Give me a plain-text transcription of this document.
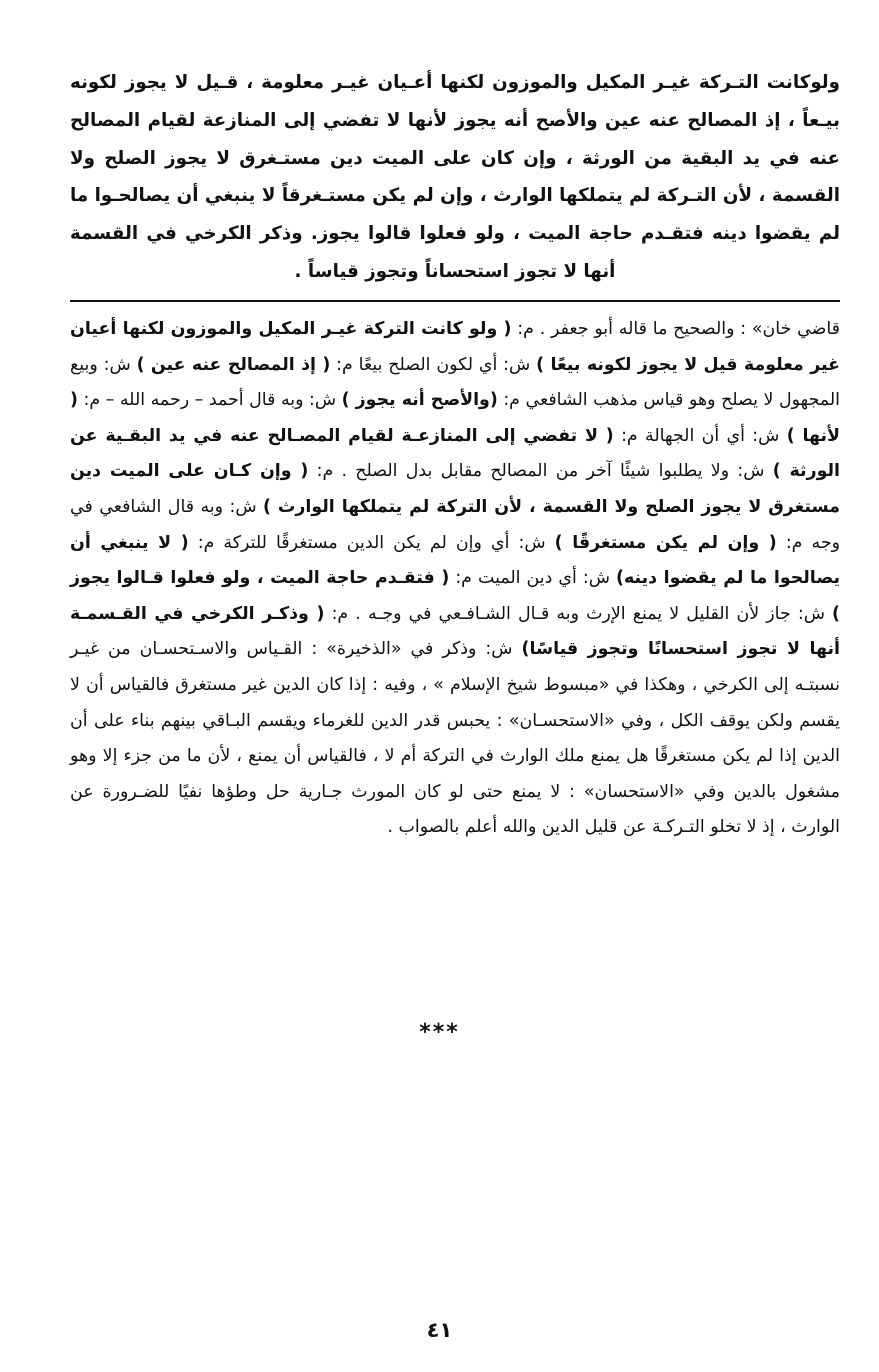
ولوكانت التـركة غيـر المكيل والموزون لكنها أعـيان غيـر معلومة ، قـيل لا يجوز لكونه بيـعاً ، إذ المصالح عنه عين والأصح أنه يجوز لأنها لا تفضي إلى المنازعة لقيام المصالح عنه في يد البقية من الورثة ، وإن كان على الميت دين مستـغرق لا يجوز الصلح ولا القسمة ، لأن التـركة لم يتملكها الوارث ، وإن لم يكن مستـغرقاً لا ينبغي أن يصالحـوا ما لم يقضوا دينه فتقـدم حاجة الميت ، ولو فعلوا قالوا يجوز. وذكر الكرخي في القسمة أنها لا تجوز استحساناً وتجوز قياساً .
قاضي خان» : والصحيح ما قاله أبو جعفر . م: ( ولو كانت التركة غيـر المكيل والموزون لكنها أعيان غير معلومة قيل لا يجوز لكونه بيعًا ) ش: أي لكون الصلح بيعًا م: ( إذ المصالح عنه عين ) ش: وبيع المجهول لا يصلح وهو قياس مذهب الشافعي م: (والأصح أنه يجوز ) ش: وبه قال أحمد – رحمه الله – م: ( لأنها ) ش: أي أن الجهالة م: ( لا تفضي إلى المنازعـة لقيام المصـالح عنه في يد البقـية عن الورثة ) ش: ولا يطلبوا شيئًا آخر من المصالح مقابل بدل الصلح . م: ( وإن كـان على الميت دين مستغرق لا يجوز الصلح ولا القسمة ، لأن التركة لم يتملكها الوارث ) ش: وبه قال الشافعي في وجه م: ( وإن لم يكن مستغرقًا ) ش: أي وإن لم يكن الدين مستغرقًا للتركة م: ( لا ينبغي أن يصالحوا ما لم يقضوا دينه) ش: أي دين الميت م: ( فتقـدم حاجة الميت ، ولو فعلوا قـالوا يجوز ) ش: جاز لأن القليل لا يمنع الإرث وبه قـال الشـافـعي في وجـه . م: ( وذكـر الكرخي في القـسمـة أنها لا تجوز استحسانًا وتجوز قياسًا) ش: وذكر في «الذخيرة» : القـياس والاسـتحسـان من غيـر نسبتـه إلى الكرخي ، وهكذا في «مبسوط شيخ الإسلام » ، وفيه : إذا كان الدين غير مستغرق فالقياس أن لا يقسم ولكن يوقف الكل ، وفي «الاستحسـان» : يحبس قدر الدين للغرماء ويقسم البـاقي بينهم بناء على أن الدين إذا لم يكن مستغرقًا هل يمنع ملك الوارث في التركة أم لا ، فالقياس أن يمنع ، لأن ما من جزء إلا وهو مشغول بالدين وفي «الاستحسان» : لا يمنع حتى لو كان المورث جـارية حل وطؤها نفيًا للضـرورة عن الوارث ، إذ لا تخلو التـركـة عن قليل الدين والله أعلم بالصواب .
***
٤١
